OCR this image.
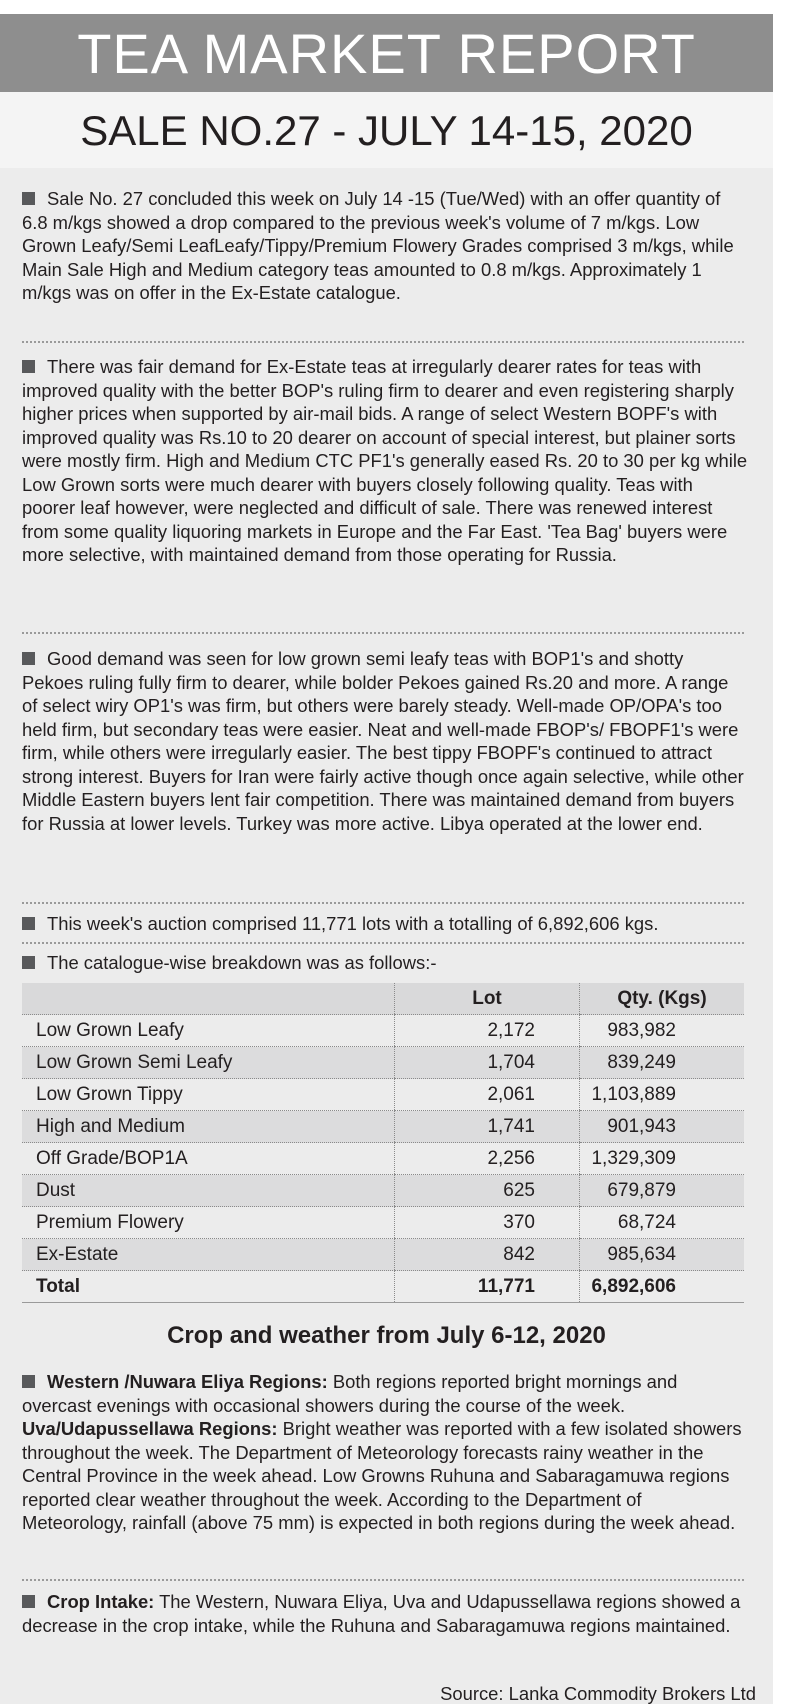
TEA MARKET REPORT
SALE NO.27 - JULY 14-15, 2020

Sale No. 27 concluded this week on July 14 -15 (Tue/Wed) with an offer quantity of 6.8 m/kgs showed a drop compared to the previous week's volume of 7 m/kgs. Low Grown Leafy/Semi LeafLeafy/Tippy/Premium Flowery Grades comprised 3 m/kgs, while Main Sale High and Medium category teas amounted to 0.8 m/kgs. Approximately 1 m/kgs was on offer in the Ex-Estate catalogue.

There was fair demand for Ex-Estate teas at irregularly dearer rates for teas with improved quality with the better BOP's ruling firm to dearer and even registering sharply higher prices when supported by air-mail bids. A range of select Western BOPF's with improved quality was Rs.10 to 20 dearer on account of special interest, but plainer sorts were mostly firm. High and Medium CTC PF1's generally eased Rs. 20 to 30 per kg while Low Grown sorts were much dearer with buyers closely following quality. Teas with poorer leaf however, were neglected and difficult of sale. There was renewed interest from some quality liquoring markets in Europe and the Far East. 'Tea Bag' buyers were more selective, with maintained demand from those operating for Russia.

Good demand was seen for low grown semi leafy teas with BOP1's and shotty Pekoes ruling fully firm to dearer, while bolder Pekoes gained Rs.20 and more. A range of select wiry OP1's was firm, but others were barely steady. Well-made OP/OPA's too held firm, but secondary teas were easier. Neat and well-made FBOP's/ FBOPF1's were firm, while others were irregularly easier. The best tippy FBOPF's continued to attract strong interest. Buyers for Iran were fairly active though once again selective, while other Middle Eastern buyers lent fair competition. There was maintained demand from buyers for Russia at lower levels. Turkey was more active. Libya operated at the lower end.

This week's auction comprised 11,771 lots with a totalling of 6,892,606 kgs.

The catalogue-wise breakdown was as follows:-

	Lot	Qty. (Kgs)
Low Grown Leafy	2,172	983,982
Low Grown Semi Leafy	1,704	839,249
Low Grown Tippy	2,061	1,103,889
High and Medium	1,741	901,943
Off Grade/BOP1A	2,256	1,329,309
Dust	625	679,879
Premium Flowery	370	68,724
Ex-Estate	842	985,634
Total	11,771	6,892,606
Crop and weather from July 6-12, 2020

Western /Nuwara Eliya Regions: Both regions reported bright mornings and overcast evenings with occasional showers during the course of the week.
Uva/Udapussellawa Regions: Bright weather was reported with a few isolated showers throughout the week. The Department of Meteorology forecasts rainy weather in the Central Province in the week ahead. Low Growns Ruhuna and Sabaragamuwa regions reported clear weather throughout the week. According to the Department of Meteorology, rainfall (above 75 mm) is expected in both regions during the week ahead.

Crop Intake: The Western, Nuwara Eliya, Uva and Udapussellawa regions showed a decrease in the crop intake, while the Ruhuna and Sabaragamuwa regions maintained.

Source: Lanka Commodity Brokers Ltd
